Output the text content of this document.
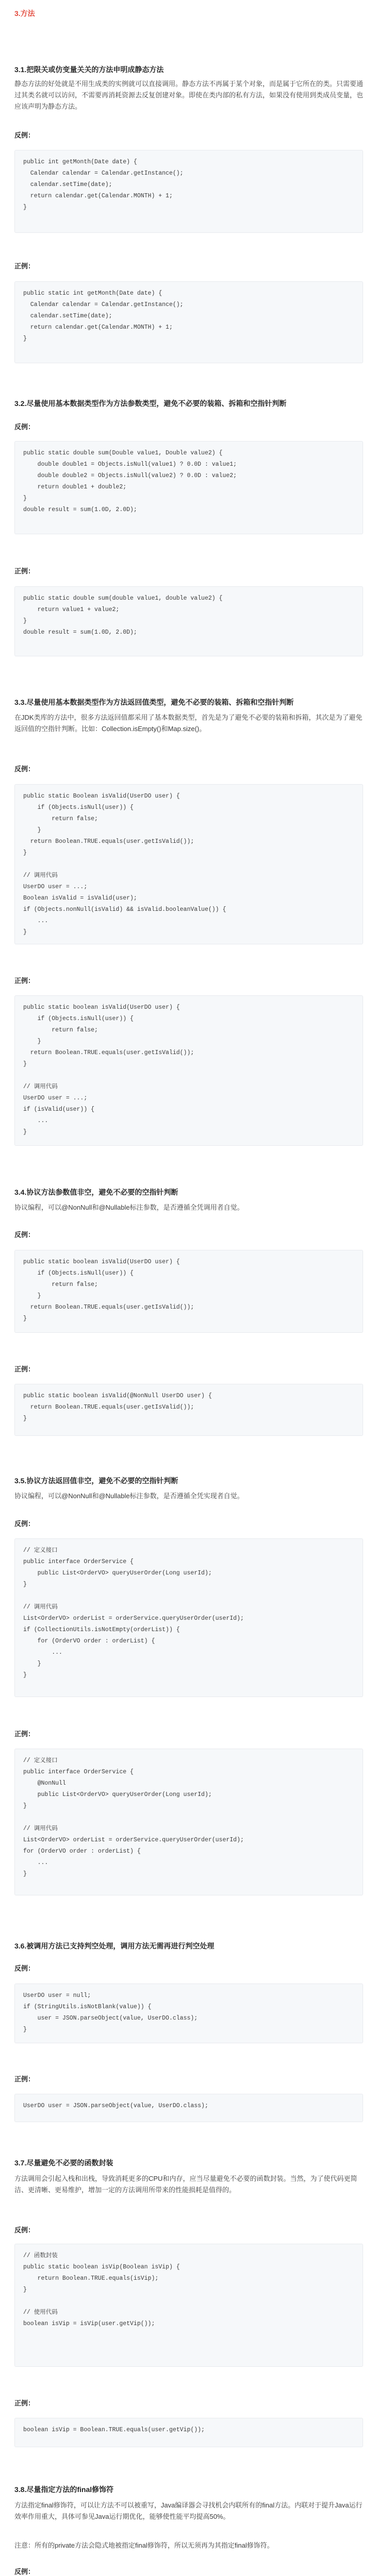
3.方法
3.1.把限关或仿变量关关的方法申明成静态方法
静态方法的好处就是不用生成类的实例就可以直接调用。静态方法不再属于某个对象，而是属于它所在的类。只需要通过其类名就可以访问，不需要再消耗资源去反复创建对象。即使在类内部的私有方法，如果没有使用到类成员变量，也应该声明为静态方法。
反例：
public int getMonth(Date date) {
Calendar calendar = Calendar.getInstance();
calendar.setTime(date);
return calendar.get(Calendar.MONTH) + 1;
}
正例：
public static int getMonth(Date date) {
Calendar calendar = Calendar.getInstance();
calendar.setTime(date);
return calendar.get(Calendar.MONTH) + 1;
}
3.2.尽量使用基本数据类型作为方法参数类型，避免不必要的装箱、拆箱和空指针判断
反例：
public static double sum(Double value1, Double value2) {
double double1 = Objects.isNull(value1) ? 0.0D : value1;
double double2 = Objects.isNull(value2) ? 0.0D : value2;
return double1 + double2;
}
double result = sum(1.0D, 2.0D);
正例：
public static double sum(double value1, double value2) {
return value1 + value2;
}
double result = sum(1.0D, 2.0D);
3.3.尽量使用基本数据类型作为方法返回值类型，避免不必要的装箱、拆箱和空指针判断
在JDK类库的方法中，很多方法返回值都采用了基本数据类型，首先是为了避免不必要的装箱和拆箱，其次是为了避免返回值的空指针判断。比如：Collection.isEmpty()和Map.size()。
反例：
public static Boolean isValid(UserDO user) {
if (Objects.isNull(user)) {
return false;
}
return Boolean.TRUE.equals(user.getIsValid());
}
// 调用代码
UserDO user = ...;
Boolean isValid = isValid(user);
if (Objects.nonNull(isValid) && isValid.booleanValue()) {
...
}
正例：
public static boolean isValid(UserDO user) {
if (Objects.isNull(user)) {
return false;
}
return Boolean.TRUE.equals(user.getIsValid());
}
// 调用代码
UserDO user = ...;
if (isValid(user)) {
...
}
3.4.协议方法参数值非空，避免不必要的空指针判断
协议编程，可以@NonNull和@Nullable标注参数，是否遵循全凭调用者自觉。
反例：
public static boolean isValid(UserDO user) {
if (Objects.isNull(user)) {
return false;
}
return Boolean.TRUE.equals(user.getIsValid());
}
正例：
public static boolean isValid(@NonNull UserDO user) {
return Boolean.TRUE.equals(user.getIsValid());
}
3.5.协议方法返回值非空，避免不必要的空指针判断
协议编程，可以@NonNull和@Nullable标注参数，是否遵循全凭实现者自觉。
反例：
// 定义接口
public interface OrderService {
public List<OrderVO> queryUserOrder(Long userId);
}
// 调用代码
List<OrderVO> orderList = orderService.queryUserOrder(userId);
if (CollectionUtils.isNotEmpty(orderList)) {
for (OrderVO order : orderList) {
...
}
}
正例：
// 定义接口
public interface OrderService {
@NonNull
public List<OrderVO> queryUserOrder(Long userId);
}
// 调用代码
List<OrderVO> orderList = orderService.queryUserOrder(userId);
for (OrderVO order : orderList) {
...
}
3.6.被调用方法已支持判空处理，调用方法无需再进行判空处理
反例：
UserDO user = null;
if (StringUtils.isNotBlank(value)) {
user = JSON.parseObject(value, UserDO.class);
}
正例：
UserDO user = JSON.parseObject(value, UserDO.class);
3.7.尽量避免不必要的函数封装
方法调用会引起入栈和出栈，导致消耗更多的CPU和内存，应当尽量避免不必要的函数封装。当然，为了使代码更简洁、更清晰、更易维护，增加一定的方法调用所带来的性能损耗是值得的。
反例：
// 函数封装
public static boolean isVip(Boolean isVip) {
return Boolean.TRUE.equals(isVip);
}
// 使用代码
boolean isVip = isVip(user.getVip());
正例：
boolean isVip = Boolean.TRUE.equals(user.getVip());
3.8.尽量指定方法的final修饰符
方法指定final修饰符，可以让方法不可以被重写，Java编译器会寻找机会内联所有的final方法。内联对于提升Java运行效率作用重大，具体可参见Java运行期优化，能够使性能平均提高50%。
注意：所有的private方法会隐式地被指定final修饰符，所以无须再为其指定final修饰符。
反例：
